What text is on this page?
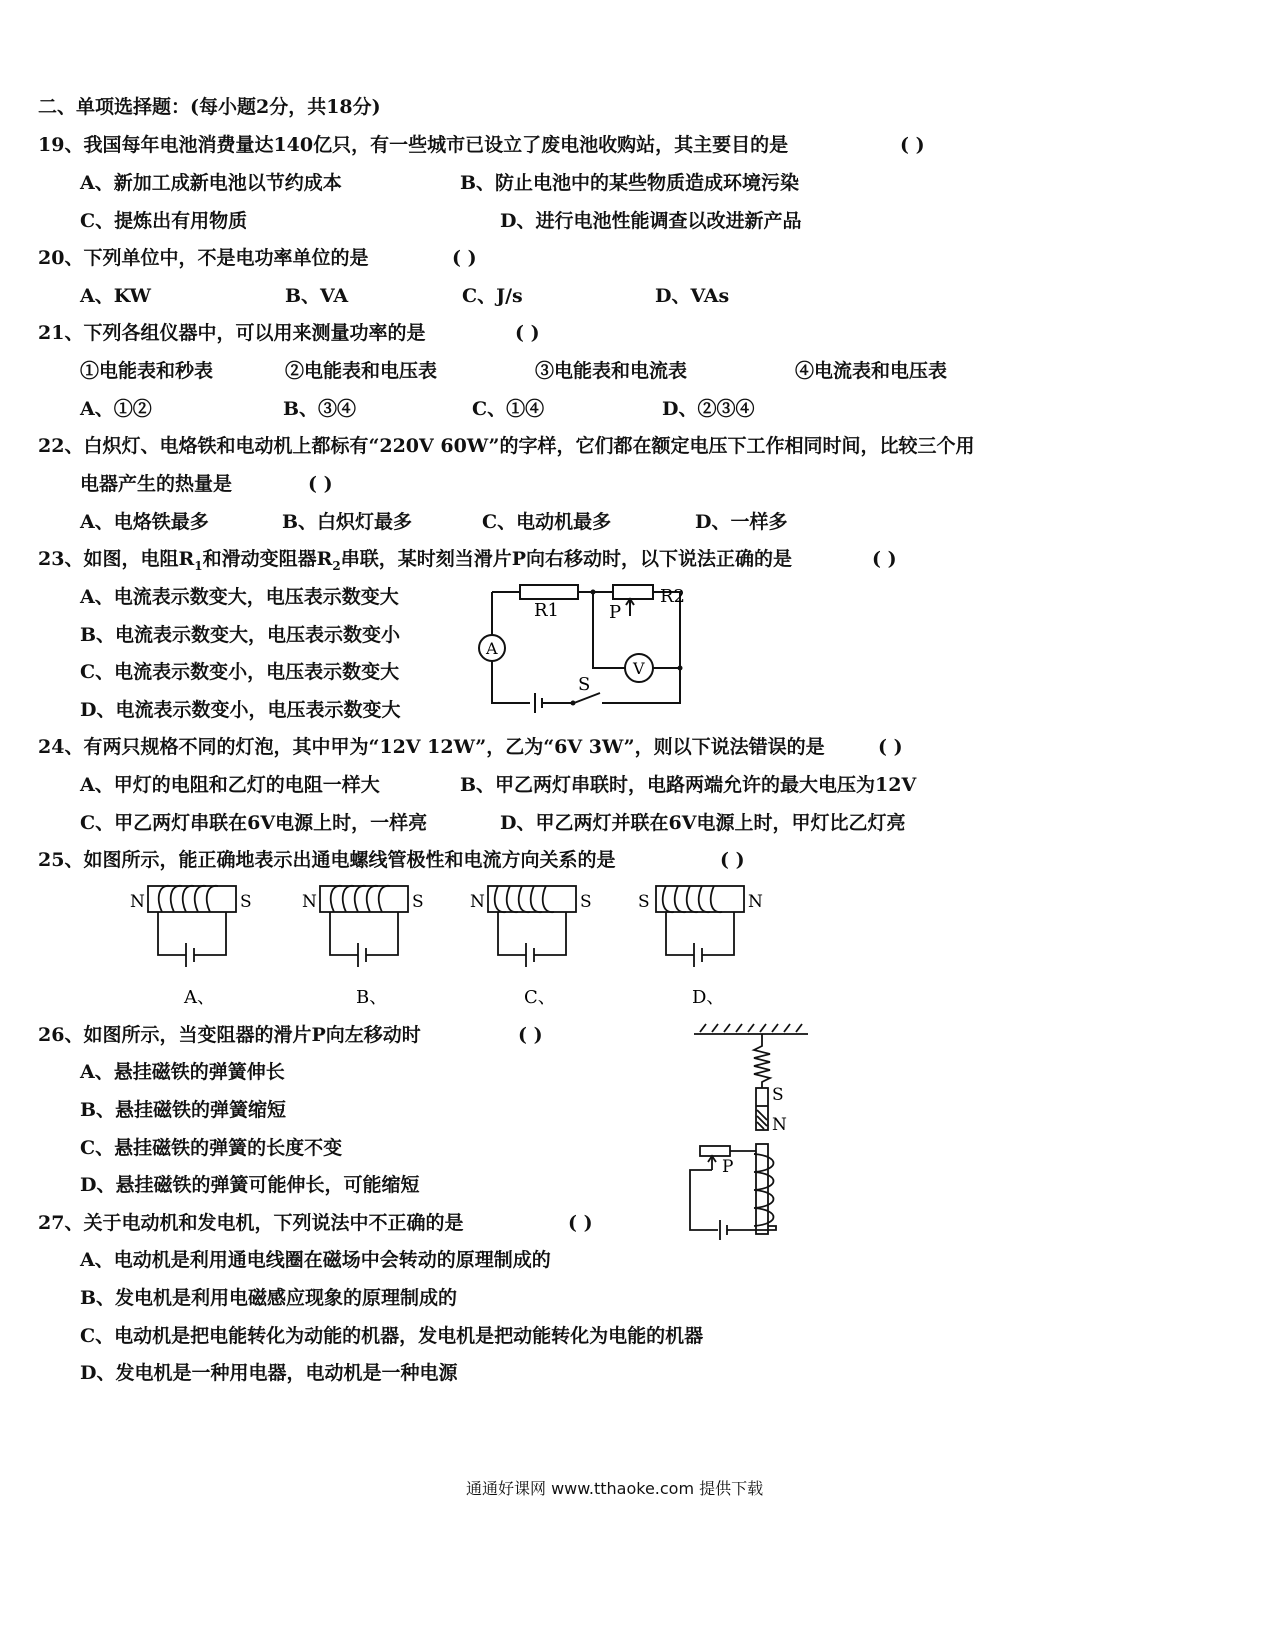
二、单项选择题：(每小题2分，共18分)
19、我国每年电池消费量达140亿只，有一些城市已设立了废电池收购站，其主要目的是	( )
A、新加工成新电池以节约成本	B、防止电池中的某些物质造成环境污染
C、提炼出有用物质	D、进行电池性能调查以改进新产品
20、下列单位中，不是电功率单位的是	( )
A、KW	B、VA	C、J/s	D、VAs
21、下列各组仪器中，可以用来测量功率的是	( )
①电能表和秒表	②电能表和电压表	③电能表和电流表	④电流表和电压表
A、①②	B、③④	C、①④	D、②③④
22、白炽灯、电烙铁和电动机上都标有“220V 60W”的字样，它们都在额定电压下工作相同时间，比较三个用
电器产生的热量是	( )
A、电烙铁最多	B、白炽灯最多	C、电动机最多	D、一样多
23、如图，电阻$R_1$和滑动变阻器$R_2$串联，某时刻当滑片P向右移动时，以下说法正确的是	( )
A、电流表示数变大，电压表示数变大
B、电流表示数变大，电压表示数变小
C、电流表示数变小，电压表示数变大
D、电流表示数变小，电压表示数变大
R1
R2
P
A
V
S
24、有两只规格不同的灯泡，其中甲为“12V 12W”，乙为“6V 3W”，则以下说法错误的是	( )
A、甲灯的电阻和乙灯的电阻一样大	B、甲乙两灯串联时，电路两端允许的最大电压为12V
C、甲乙两灯串联在6V电源上时，一样亮	D、甲乙两灯并联在6V电源上时，甲灯比乙灯亮
25、如图所示，能正确地表示出通电螺线管极性和电流方向关系的是	( )
N	S
A、
N	S
B、
N	S
C、
S	N
D、
26、如图所示，当变阻器的滑片P向左移动时	( )
A、悬挂磁铁的弹簧伸长
B、悬挂磁铁的弹簧缩短
C、悬挂磁铁的弹簧的长度不变
D、悬挂磁铁的弹簧可能伸长，可能缩短
S
N
P
27、关于电动机和发电机，下列说法中不正确的是	( )
A、电动机是利用通电线圈在磁场中会转动的原理制成的
B、发电机是利用电磁感应现象的原理制成的
C、电动机是把电能转化为动能的机器，发电机是把动能转化为电能的机器
D、发电机是一种用电器，电动机是一种电源
通通好课网 www.tthaoke.com 提供下载
